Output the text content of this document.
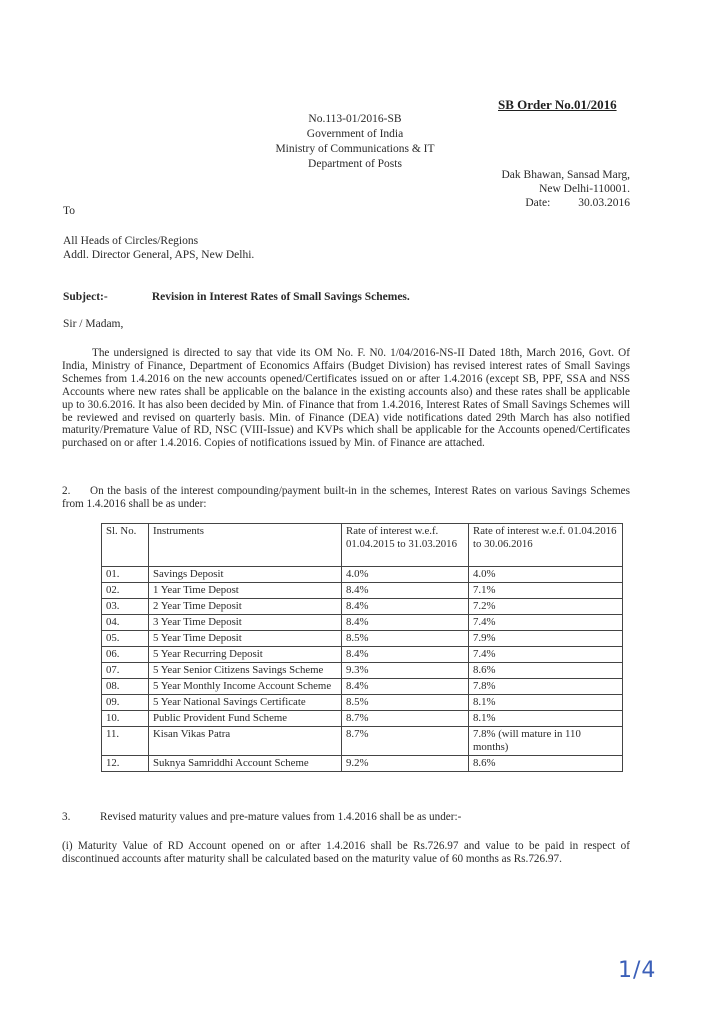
SB Order No.01/2016
No.113-01/2016-SB
Government of India
Ministry of Communications & IT
Department of Posts
Dak Bhawan, Sansad Marg,
New Delhi-110001.
Date: 30.03.2016
To
All Heads of Circles/Regions
Addl. Director General, APS, New Delhi.
Subject:-	Revision in Interest Rates of Small Savings Schemes.
Sir / Madam,
The undersigned is directed to say that vide its OM No. F. N0. 1/04/2016-NS-II Dated 18th, March 2016, Govt. Of India, Ministry of Finance, Department of Economics Affairs (Budget Division) has revised interest rates of Small Savings Schemes from 1.4.2016 on the new accounts opened/Certificates issued on or after 1.4.2016 (except SB, PPF, SSA and NSS Accounts where new rates shall be applicable on the balance in the existing accounts also) and these rates shall be applicable up to 30.6.2016. It has also been decided by Min. of Finance that from 1.4.2016, Interest Rates of Small Savings Schemes will be reviewed and revised on quarterly basis. Min. of Finance (DEA) vide notifications dated 29th March has also notified maturity/Premature Value of RD, NSC (VIII-Issue) and KVPs which shall be applicable for the Accounts opened/Certificates purchased on or after 1.4.2016. Copies of notifications issued by Min. of Finance are attached.
2. On the basis of the interest compounding/payment built-in in the schemes, Interest Rates on various Savings Schemes from 1.4.2016 shall be as under:
Sl. No.	Instruments	Rate of interest w.e.f. 01.04.2015 to 31.03.2016	Rate of interest w.e.f. 01.04.2016 to 30.06.2016
01.	Savings Deposit	4.0%	4.0%
02.	1 Year Time Depost	8.4%	7.1%
03.	2 Year Time Deposit	8.4%	7.2%
04.	3 Year Time Deposit	8.4%	7.4%
05.	5 Year Time Deposit	8.5%	7.9%
06.	5 Year Recurring Deposit	8.4%	7.4%
07.	5 Year Senior Citizens Savings Scheme	9.3%	8.6%
08.	5 Year Monthly Income Account Scheme	8.4%	7.8%
09.	5 Year National Savings Certificate	8.5%	8.1%
10.	Public Provident Fund Scheme	8.7%	8.1%
11.	Kisan Vikas Patra	8.7%	7.8% (will mature in 110 months)
12.	Suknya Samriddhi Account Scheme	9.2%	8.6%
3.	Revised maturity values and pre-mature values from 1.4.2016 shall be as under:-
(i) Maturity Value of RD Account opened on or after 1.4.2016 shall be Rs.726.97 and value to be paid in respect of discontinued accounts after maturity shall be calculated based on the maturity value of 60 months as Rs.726.97.
1/4
